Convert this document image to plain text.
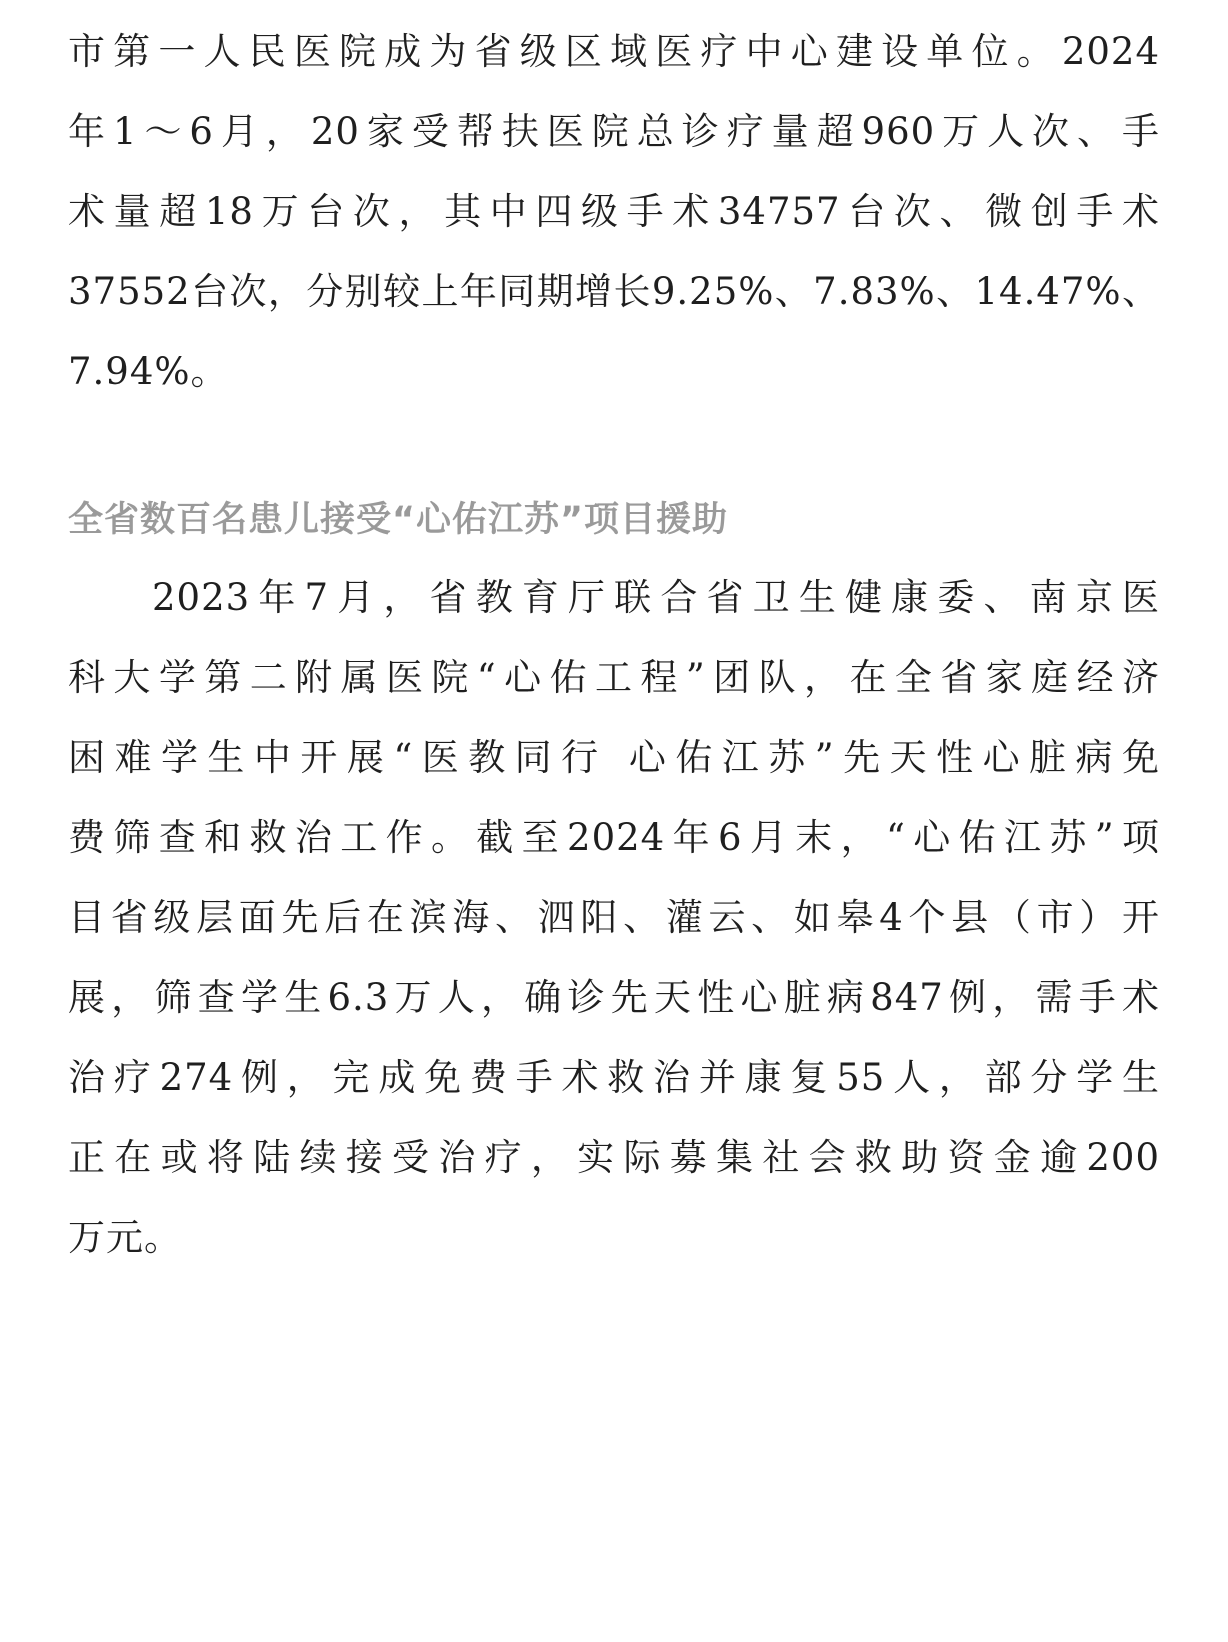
市第一人民医院成为省级区域医疗中心建设单位。2024
年1～6月，20家受帮扶医院总诊疗量超960万人次、手
术量超18万台次，其中四级手术34757台次、微创手术
37552台次，分别较上年同期增长9.25%、7.83%、14.47%、
7.94%。
全省数百名患儿接受“心佑江苏”项目援助
2023年7月，省教育厅联合省卫生健康委、南京医
科大学第二附属医院“心佑工程”团队，在全省家庭经济
困难学生中开展“医教同行 心佑江苏”先天性心脏病免
费筛查和救治工作。截至2024年6月末，“心佑江苏”项
目省级层面先后在滨海、泗阳、灌云、如皋4个县（市）开
展，筛查学生6.3万人，确诊先天性心脏病847例，需手术
治疗274例，完成免费手术救治并康复55人，部分学生
正在或将陆续接受治疗，实际募集社会救助资金逾200
万元。
